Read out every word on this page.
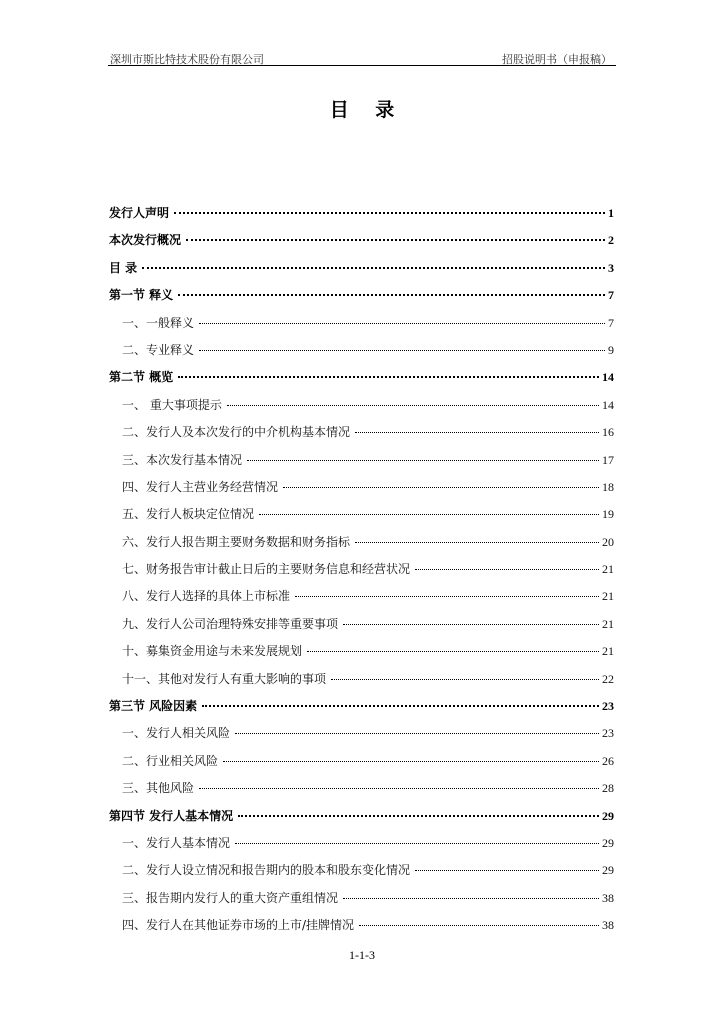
深圳市斯比特技术股份有限公司	招股说明书（申报稿）
目 录
发行人声明	1
本次发行概况	2
目 录	3
第一节 释义	7
一、一般释义	7
二、专业释义	9
第二节 概览	14
一、 重大事项提示	14
二、发行人及本次发行的中介机构基本情况	16
三、本次发行基本情况	17
四、发行人主营业务经营情况	18
五、发行人板块定位情况	19
六、发行人报告期主要财务数据和财务指标	20
七、财务报告审计截止日后的主要财务信息和经营状况	21
八、发行人选择的具体上市标准	21
九、发行人公司治理特殊安排等重要事项	21
十、募集资金用途与未来发展规划	21
十一、其他对发行人有重大影响的事项	22
第三节 风险因素	23
一、发行人相关风险	23
二、行业相关风险	26
三、其他风险	28
第四节 发行人基本情况	29
一、发行人基本情况	29
二、发行人设立情况和报告期内的股本和股东变化情况	29
三、报告期内发行人的重大资产重组情况	38
四、发行人在其他证券市场的上市/挂牌情况	38
1-1-3
